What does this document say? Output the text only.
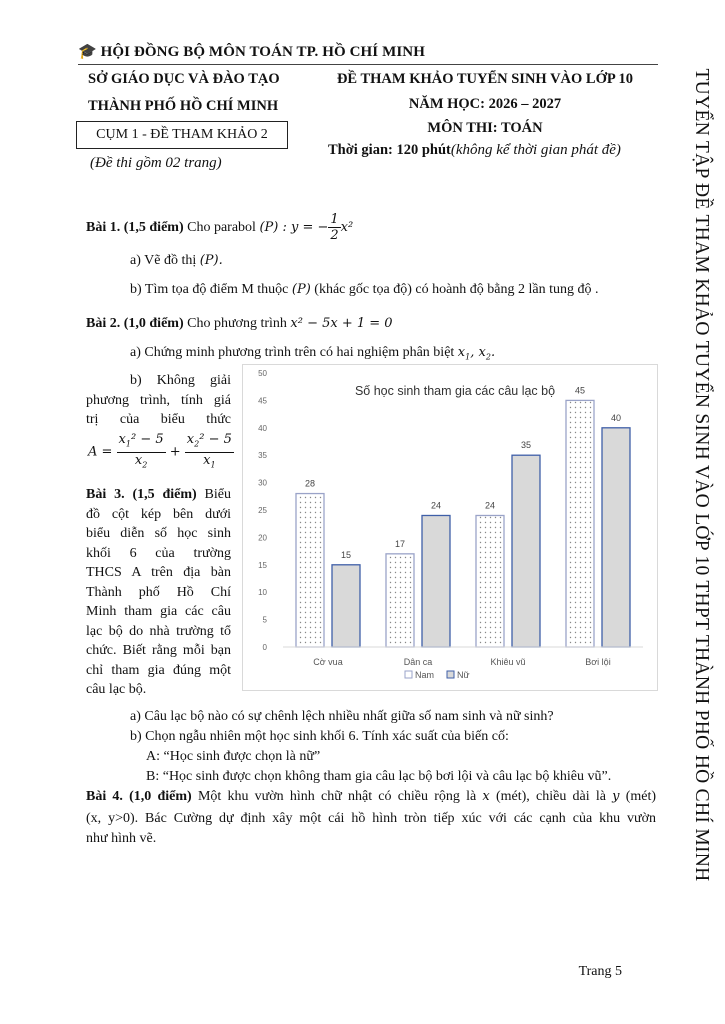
🎓 HỘI ĐỒNG BỘ MÔN TOÁN TP. HỒ CHÍ MINH
SỞ GIÁO DỤC VÀ ĐÀO TẠO
THÀNH PHỐ HỒ CHÍ MINH
CỤM 1 - ĐỀ THAM KHẢO 2
(Đề thi gồm 02 trang)
ĐỀ THAM KHẢO TUYỂN SINH VÀO LỚP 10
NĂM HỌC: 2026 – 2027
MÔN THI: TOÁN
Thời gian: 120 phút(không kể thời gian phát đề)	TUYỂN TẬP ĐỀ THAM KHẢO TUYỂN SINH VÀO LỚP 10 THPT THÀNH PHỐ HỒ CHÍ MINH
Bài 1. (1,5 điểm) Cho parabol (P) : y = − $\frac{1}{2} x^2$
a) Vẽ đồ thị (P).
b) Tìm tọa độ điểm M thuộc (P) (khác gốc tọa độ) có hoành độ bằng 2 lần tung độ .
Bài 2. (1,0 điểm) Cho phương trình x² − 5x + 1 = 0
a) Chứng minh phương trình trên có hai nghiệm phân biệt $x_1$, $x_2$.
b) Không giải
phương trình, tính giá
trị của biểu thức
$A = \frac{x_1^2 - 5}{x_2} + \frac{x_2^2 - 5}{x_1}$
Bài 3. (1,5 điểm) Biểu
đồ cột kép bên dưới
biểu diễn số học sinh
khối 6 của trường
THCS A trên địa bàn
Thành phố Hồ Chí
Minh tham gia các câu
lạc bộ do nhà trường tổ
chức. Biết rằng mỗi bạn
chỉ tham gia đúng một
câu lạc bộ.
Số học sinh tham gia các câu lạc bộ
0
5
10
15
20
25
30
35
40
45
50
28
15
17
24	24
35
45
40
Cờ vua	Dân ca	Khiêu vũ	Bơi lội
Nam	Nữ
a) Câu lạc bộ nào có sự chênh lệch nhiều nhất giữa số nam sinh và nữ sinh?
b) Chọn ngẫu nhiên một học sinh khối 6. Tính xác suất của biến cố:
A: “Học sinh được chọn là nữ”
B: “Học sinh được chọn không tham gia câu lạc bộ bơi lội và câu lạc bộ khiêu vũ”.
Bài 4. (1,0 điểm) Một khu vườn hình chữ nhật có chiều rộng là x (mét), chiều dài là y (mét)
(x, y>0). Bác Cường dự định xây một cái hồ hình tròn tiếp xúc với các cạnh của khu vườn
như hình vẽ.
Trang 5
